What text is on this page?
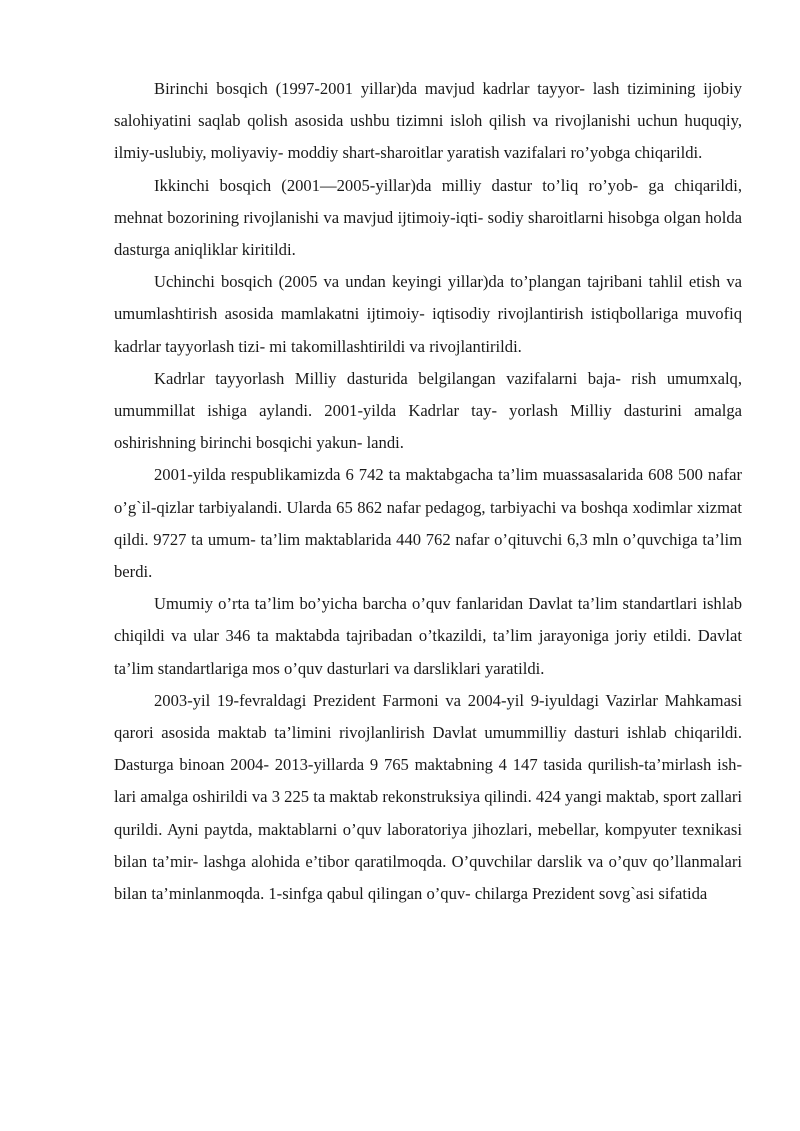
Birinchi bosqich (1997-2001 yillar)da mavjud kadrlar tayyor- lash tizimining ijobiy salohiyatini saqlab qolish asosida ushbu tizimni isloh qilish va rivojlanishi uchun huquqiy, ilmiy-uslubiy, moliyaviy- moddiy shart-sharoitlar yaratish vazifalari ro’yobga chiqarildi.

Ikkinchi bosqich (2001—2005-yillar)da milliy dastur to’liq ro’yob- ga chiqarildi, mehnat bozorining rivojlanishi va mavjud ijtimoiy-iqti- sodiy sharoitlarni hisobga olgan holda dasturga aniqliklar kiritildi.

Uchinchi bosqich (2005 va undan keyingi yillar)da to’plangan tajribani tahlil etish va umumlashtirish asosida mamlakatni ijtimoiy- iqtisodiy rivojlantirish istiqbollariga muvofiq kadrlar tayyorlash tizi- mi takomillashtirildi va rivojlantirildi.

Kadrlar tayyorlash Milliy dasturida belgilangan vazifalarni baja- rish umumxalq, umummillat ishiga aylandi. 2001-yilda Kadrlar tay- yorlash Milliy dasturini amalga oshirishning birinchi bosqichi yakun- landi.

2001-yilda respublikamizda 6 742 ta maktabgacha ta’lim muassasalarida 608 500 nafar o’g`il-qizlar tarbiyalandi. Ularda 65 862 nafar pedagog, tarbiyachi va boshqa xodimlar xizmat qildi. 9727 ta umum- ta’lim maktablarida 440 762 nafar o’qituvchi 6,3 mln o’quvchiga ta’lim berdi.

Umumiy o’rta ta’lim bo’yicha barcha o’quv fanlaridan Davlat ta’lim standartlari ishlab chiqildi va ular 346 ta maktabda tajribadan o’tkazildi, ta’lim jarayoniga joriy etildi. Davlat ta’lim standartlariga mos o’quv dasturlari va darsliklari yaratildi.

2003-yil 19-fevraldagi Prezident Farmoni va 2004-yil 9-iyuldagi Vazirlar Mahkamasi qarori asosida maktab ta’limini rivojlanlirish Davlat umummilliy dasturi ishlab chiqarildi. Dasturga binoan 2004- 2013-yillarda 9 765 maktabning 4 147 tasida qurilish-ta’mirlash ish- lari amalga oshirildi va 3 225 ta maktab rekonstruksiya qilindi. 424 yangi maktab, sport zallari qurildi. Ayni paytda, maktablarni o’quv laboratoriya jihozlari, mebellar, kompyuter texnikasi bilan ta’mir- lashga alohida e’tibor qaratilmoqda. O’quvchilar darslik va o’quv qo’llanmalari bilan ta’minlanmoqda. 1-sinfga qabul qilingan o’quv- chilarga Prezident sovg`asi sifatida
